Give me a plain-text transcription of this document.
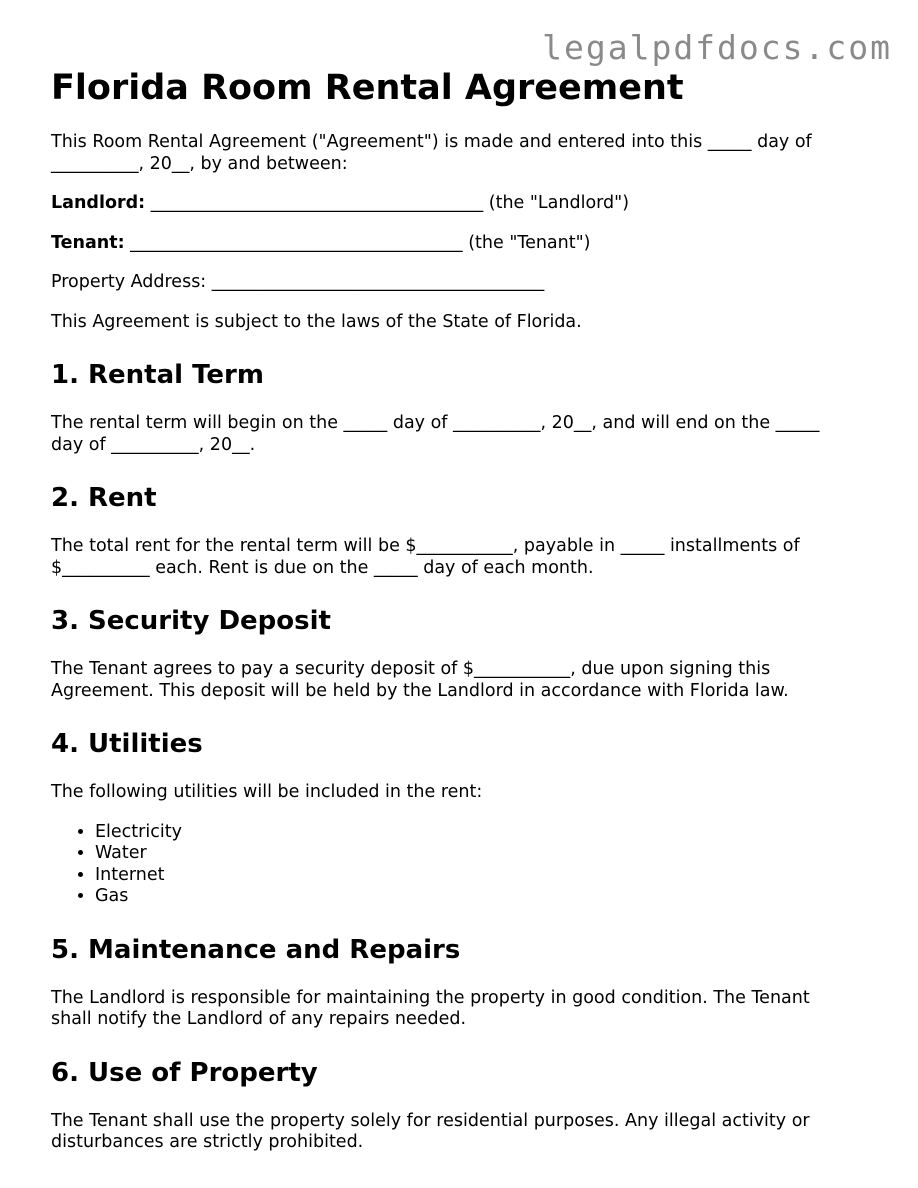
legalpdfdocs.com
Florida Room Rental Agreement

This Room Rental Agreement ("Agreement") is made and entered into this _____ day of __________, 20__, by and between:

Landlord: ______________________________________ (the "Landlord")

Tenant: ______________________________________ (the "Tenant")

Property Address: ______________________________________

This Agreement is subject to the laws of the State of Florida.

1. Rental Term

The rental term will begin on the _____ day of __________, 20__, and will end on the _____ day of __________, 20__.

2. Rent

The total rent for the rental term will be $___________, payable in _____ installments of $__________ each. Rent is due on the _____ day of each month.

3. Security Deposit

The Tenant agrees to pay a security deposit of $___________, due upon signing this Agreement. This deposit will be held by the Landlord in accordance with Florida law.

4. Utilities

The following utilities will be included in the rent:

• Electricity
• Water
• Internet
• Gas
5. Maintenance and Repairs

The Landlord is responsible for maintaining the property in good condition. The Tenant shall notify the Landlord of any repairs needed.

6. Use of Property

The Tenant shall use the property solely for residential purposes. Any illegal activity or disturbances are strictly prohibited.
